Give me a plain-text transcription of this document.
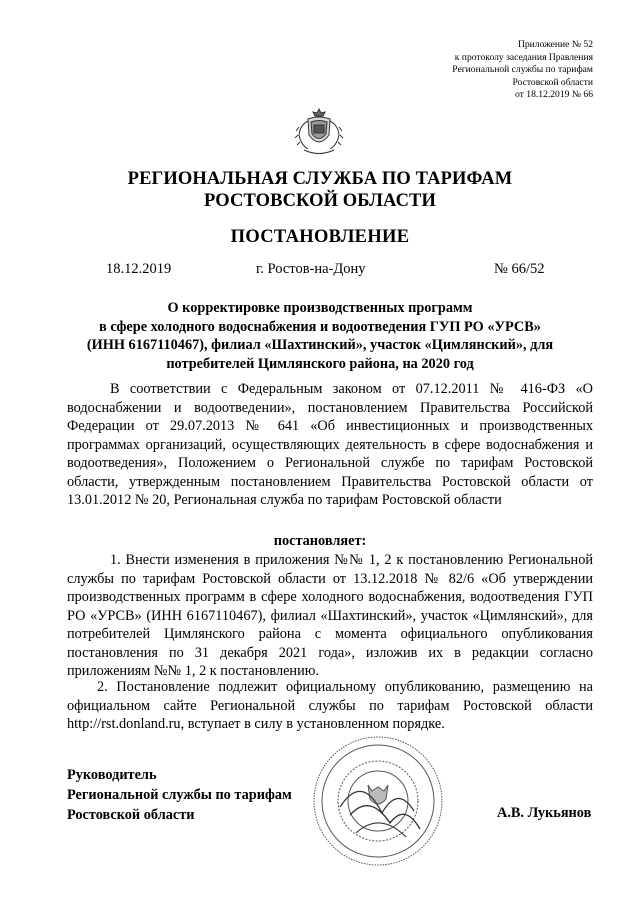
Приложение № 52
к протоколу заседания Правления
Региональной службы по тарифам
Ростовской области
от 18.12.2019 № 66
РЕГИОНАЛЬНАЯ СЛУЖБА ПО ТАРИФАМ
РОСТОВСКОЙ ОБЛАСТИ
ПОСТАНОВЛЕНИЕ
18.12.2019	г. Ростов-на-Дону	№ 66/52
О корректировке производственных программ
в сфере холодного водоснабжения и водоотведения ГУП РО «УРСВ»
(ИНН 6167110467), филиал «Шахтинский», участок «Цимлянский», для
потребителей Цимлянского района, на 2020 год
В соответствии с Федеральным законом от 07.12.2011 № 416-ФЗ «О водоснабжении и водоотведении», постановлением Правительства Российской Федерации от 29.07.2013 № 641 «Об инвестиционных и производственных программах организаций, осуществляющих деятельность в сфере водоснабжения и водоотведения», Положением о Региональной службе по тарифам Ростовской области, утвержденным постановлением Правительства Ростовской области от 13.01.2012 № 20, Региональная служба по тарифам Ростовской области
постановляет:
1. Внести изменения в приложения №№ 1, 2 к постановлению Региональной службы по тарифам Ростовской области от 13.12.2018 № 82/6 «Об утверждении производственных программ в сфере холодного водоснабжения, водоотведения ГУП РО «УРСВ» (ИНН 6167110467), филиал «Шахтинский», участок «Цимлянский», для потребителей Цимлянского района с момента официального опубликования постановления по 31 декабря 2021 года», изложив их в редакции согласно приложениям №№ 1, 2 к постановлению.
2. Постановление подлежит официальному опубликованию, размещению на официальном сайте Региональной службы по тарифам Ростовской области http://rst.donland.ru, вступает в силу в установленном порядке.
Руководитель
Региональной службы по тарифам
Ростовской области	А.В. Лукьянов
